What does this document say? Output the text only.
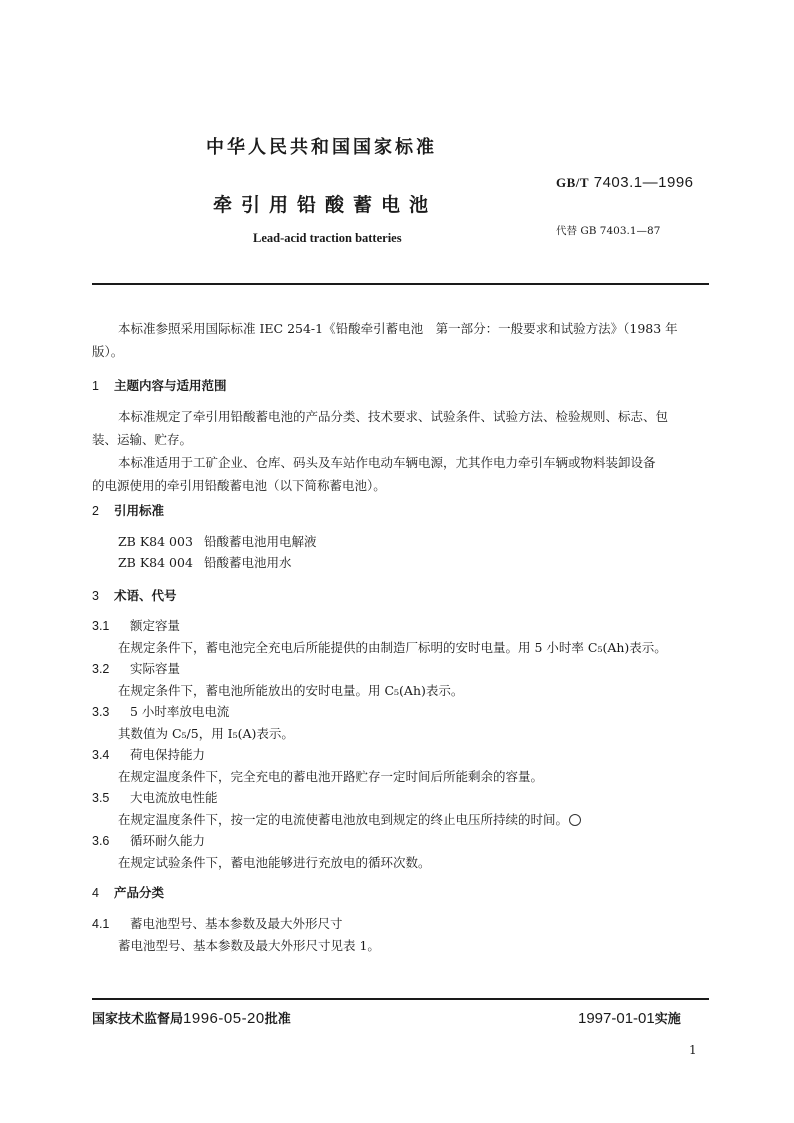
中华人民共和国国家标准
牵引用铅酸蓄电池
Lead-acid traction batteries
GB/T 7403.1—1996
代替 GB 7403.1—87
本标准参照采用国际标准 IEC 254-1《铅酸牵引蓄电池　第一部分：一般要求和试验方法》（1983 年
版）。
1 主题内容与适用范围
本标准规定了牵引用铅酸蓄电池的产品分类、技术要求、试验条件、试验方法、检验规则、标志、包
装、运输、贮存。
本标准适用于工矿企业、仓库、码头及车站作电动车辆电源，尤其作电力牵引车辆或物料装卸设备
的电源使用的牵引用铅酸蓄电池（以下简称蓄电池）。
2 引用标准
ZB K84 003 铅酸蓄电池用电解液
ZB K84 004 铅酸蓄电池用水
3 术语、代号
3.1 额定容量
在规定条件下，蓄电池完全充电后所能提供的由制造厂标明的安时电量。用 5 小时率 C₅(Ah)表示。
3.2 实际容量
在规定条件下，蓄电池所能放出的安时电量。用 C₅(Ah)表示。
3.3 5 小时率放电电流
其数值为 C₅/5，用 I₅(A)表示。
3.4 荷电保持能力
在规定温度条件下，完全充电的蓄电池开路贮存一定时间后所能剩余的容量。
3.5 大电流放电性能
在规定温度条件下，按一定的电流使蓄电池放电到规定的终止电压所持续的时间。
3.6 循环耐久能力
在规定试验条件下，蓄电池能够进行充放电的循环次数。
4 产品分类
4.1 蓄电池型号、基本参数及最大外形尺寸
蓄电池型号、基本参数及最大外形尺寸见表 1。
国家技术监督局1996-05-20批准	1997-01-01实施
1
